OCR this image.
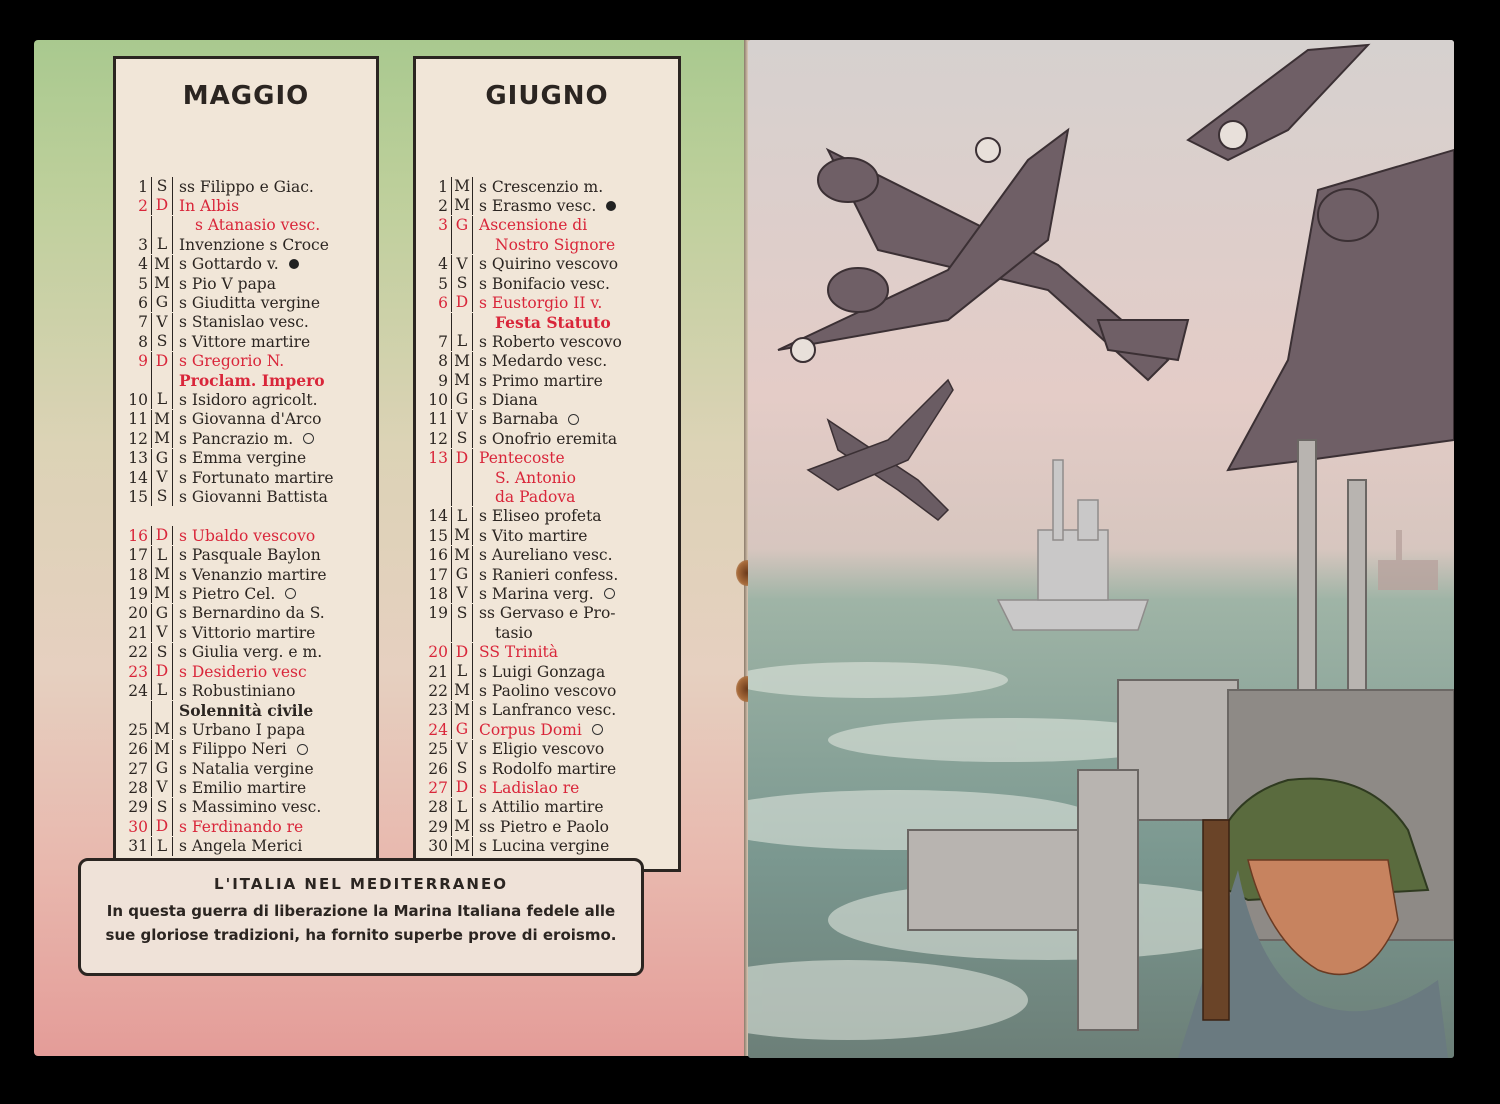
MAGGIO
1 S ss Filippo e Giac.
2 D In Albis
s Atanasio vesc.
3 L Invenzione s Croce
4 M s Gottardo v.
5 M s Pio V papa
6 G s Giuditta vergine
7 V s Stanislao vesc.
8 S s Vittore martire
9 D s Gregorio N.
Proclam. Impero
10 L s Isidoro agricolt.
11 M s Giovanna d'Arco
12 M s Pancrazio m.
13 G s Emma vergine
14 V s Fortunato martire
15 S s Giovanni Battista
16 D s Ubaldo vescovo
17 L s Pasquale Baylon
18 M s Venanzio martire
19 M s Pietro Cel.
20 G s Bernardino da S.
21 V s Vittorio martire
22 S s Giulia verg. e m.
23 D s Desiderio vesc
24 L s Robustiniano
Solennità civile
25 M s Urbano I papa
26 M s Filippo Neri
27 G s Natalia vergine
28 V s Emilio martire
29 S s Massimino vesc.
30 D s Ferdinando re
31 L s Angela Merici
GIUGNO
1 M s Crescenzio m.
2 M s Erasmo vesc.
3 G Ascensione di
Nostro Signore
4 V s Quirino vescovo
5 S s Bonifacio vesc.
6 D s Eustorgio II v.
Festa Statuto
7 L s Roberto vescovo
8 M s Medardo vesc.
9 M s Primo martire
10 G s Diana
11 V s Barnaba
12 S s Onofrio eremita
13 D Pentecoste
S. Antonio
da Padova
14 L s Eliseo profeta
15 M s Vito martire
16 M s Aureliano vesc.
17 G s Ranieri confess.
18 V s Marina verg.
19 S ss Gervaso e Pro-
tasio
20 D SS Trinità
21 L s Luigi Gonzaga
22 M s Paolino vescovo
23 M s Lanfranco vesc.
24 G Corpus Domi
25 V s Eligio vescovo
26 S s Rodolfo martire
27 D s Ladislao re
28 L s Attilio martire
29 M ss Pietro e Paolo
30 M s Lucina vergine
L'ITALIA NEL MEDITERRANEO
In questa guerra di liberazione la Marina Italiana fedele alle
sue gloriose tradizioni, ha fornito superbe prove di eroismo.
